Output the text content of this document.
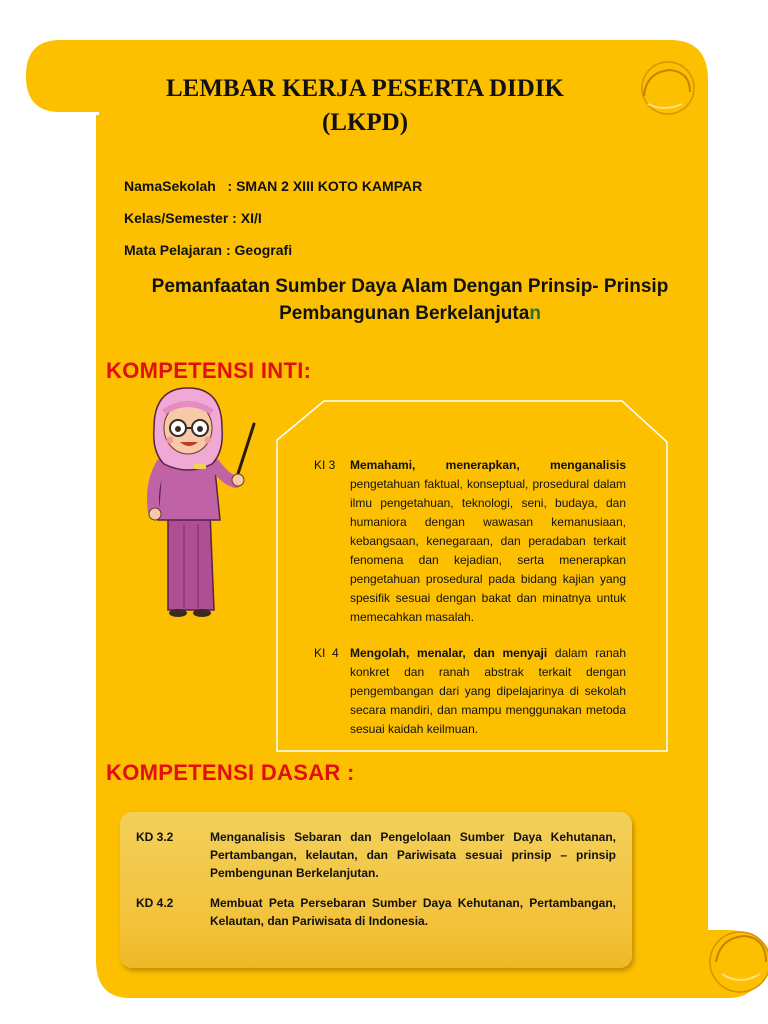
LEMBAR KERJA PESERTA DIDIK
(LKPD)
NamaSekolah   : SMAN 2 XIII KOTO KAMPAR
Kelas/Semester : XI/I
Mata Pelajaran : Geografi
Pemanfaatan Sumber Daya Alam Dengan Prinsip- Prinsip
Pembangunan Berkelanjutan
KOMPETENSI INTI:
KI 3	Memahami, menerapkan, menganalisis pengetahuan faktual, konseptual, prosedural dalam ilmu pengetahuan, teknologi, seni, budaya, dan humaniora dengan wawasan kemanusiaan, kebangsaan, kenegaraan, dan peradaban terkait fenomena dan kejadian, serta menerapkan pengetahuan prosedural pada bidang kajian yang spesifik sesuai dengan bakat dan minatnya untuk memecahkan masalah.
KI  4 Mengolah, menalar, dan menyaji dalam ranah konkret dan ranah abstrak terkait dengan pengembangan dari yang dipelajarinya di sekolah secara mandiri, dan mampu menggunakan metoda sesuai kaidah keilmuan.
KOMPETENSI DASAR :
KD 3.2	Menganalisis Sebaran dan Pengelolaan Sumber Daya Kehutanan, Pertambangan, kelautan, dan Pariwisata sesuai prinsip – prinsip Pembengunan Berkelanjutan.
KD 4.2	Membuat Peta Persebaran Sumber Daya Kehutanan, Pertambangan, Kelautan, dan Pariwisata di Indonesia.
